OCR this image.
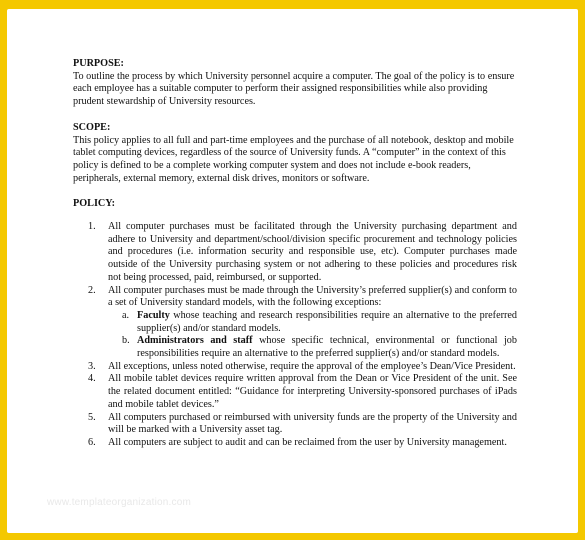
PURPOSE:

To outline the process by which University personnel acquire a computer. The goal of the policy is to ensure each employee has a suitable computer to perform their assigned responsibilities while also providing prudent stewardship of University resources.

SCOPE:

This policy applies to all full and part-time employees and the purchase of all notebook, desktop and mobile tablet computing devices, regardless of the source of University funds. A “computer” in the context of this policy is defined to be a complete working computer system and does not include e-book readers, peripherals, external memory, external disk drives, monitors or software.

POLICY:

1. All computer purchases must be facilitated through the University purchasing department and adhere to University and department/school/division specific procurement and technology policies and procedures (i.e. information security and responsible use, etc). Computer purchases made outside of the University purchasing system or not adhering to these policies and procedures risk not being processed, paid, reimbursed, or supported.
2. All computer purchases must be made through the University’s preferred supplier(s) and conform to a set of University standard models, with the following exceptions:
a. Faculty whose teaching and research responsibilities require an alternative to the preferred supplier(s) and/or standard models.
b. Administrators and staff whose specific technical, environmental or functional job responsibilities require an alternative to the preferred supplier(s) and/or standard models.
3. All exceptions, unless noted otherwise, require the approval of the employee’s Dean/Vice President.
4. All mobile tablet devices require written approval from the Dean or Vice President of the unit. See the related document entitled: “Guidance for interpreting University-sponsored purchases of iPads and mobile tablet devices.”
5. All computers purchased or reimbursed with university funds are the property of the University and will be marked with a University asset tag.
6. All computers are subject to audit and can be reclaimed from the user by University management.
www.templateorganization.com
